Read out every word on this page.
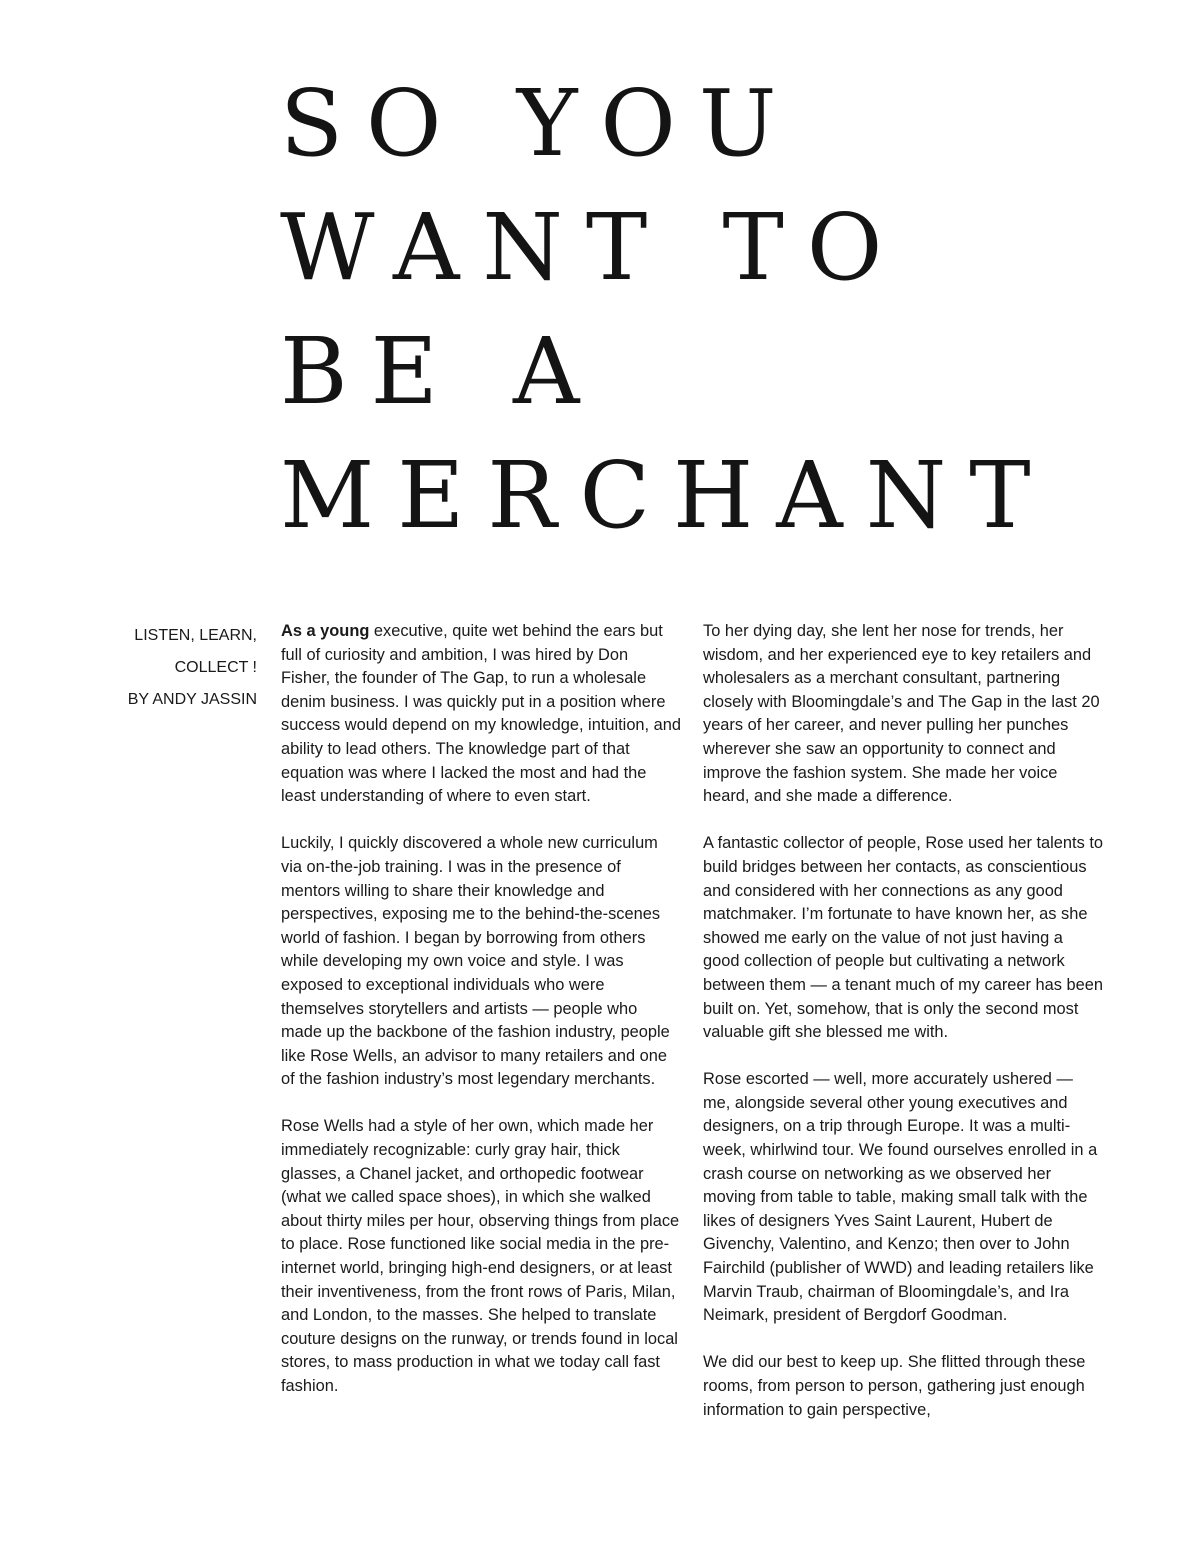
SO YOU
WANT TO
BE A
MERCHANT
LISTEN, LEARN,
COLLECT !
BY ANDY JASSIN

As a young executive, quite wet behind the ears but full of curiosity and ambition, I was hired by Don Fisher, the founder of The Gap, to run a wholesale denim business. I was quickly put in a position where success would depend on my knowledge, intuition, and ability to lead others. The knowledge part of that equation was where I lacked the most and had the least understanding of where to even start.

Luckily, I quickly discovered a whole new curriculum via on-the-job training. I was in the presence of mentors willing to share their knowledge and perspectives, exposing me to the behind-the-scenes world of fashion. I began by borrowing from others while developing my own voice and style. I was exposed to exceptional individuals who were themselves storytellers and artists — people who made up the backbone of the fashion industry, people like Rose Wells, an advisor to many retailers and one of the fashion industry’s most legendary merchants.

Rose Wells had a style of her own, which made her immediately recognizable: curly gray hair, thick glasses, a Chanel jacket, and orthopedic footwear (what we called space shoes), in which she walked about thirty miles per hour, observing things from place to place. Rose functioned like social media in the pre-internet world, bringing high-end designers, or at least their inventiveness, from the front rows of Paris, Milan, and London, to the masses. She helped to translate couture designs on the runway, or trends found in local stores, to mass production in what we today call fast fashion.

To her dying day, she lent her nose for trends, her wisdom, and her experienced eye to key retailers and wholesalers as a merchant consultant, partnering closely with Bloomingdale’s and The Gap in the last 20 years of her career, and never pulling her punches wherever she saw an opportunity to connect and improve the fashion system. She made her voice heard, and she made a difference.

A fantastic collector of people, Rose used her talents to build bridges between her contacts, as conscientious and considered with her connections as any good matchmaker. I’m fortunate to have known her, as she showed me early on the value of not just having a good collection of people but cultivating a network between them — a tenant much of my career has been built on. Yet, somehow, that is only the second most valuable gift she blessed me with.

Rose escorted — well, more accurately ushered — me, alongside several other young executives and designers, on a trip through Europe. It was a multi-week, whirlwind tour. We found ourselves enrolled in a crash course on networking as we observed her moving from table to table, making small talk with the likes of designers Yves Saint Laurent, Hubert de Givenchy, Valentino, and Kenzo; then over to John Fairchild (publisher of WWD) and leading retailers like Marvin Traub, chairman of Bloomingdale’s, and Ira Neimark, president of Bergdorf Goodman.

We did our best to keep up. She flitted through these rooms, from person to person, gathering just enough information to gain perspective,
